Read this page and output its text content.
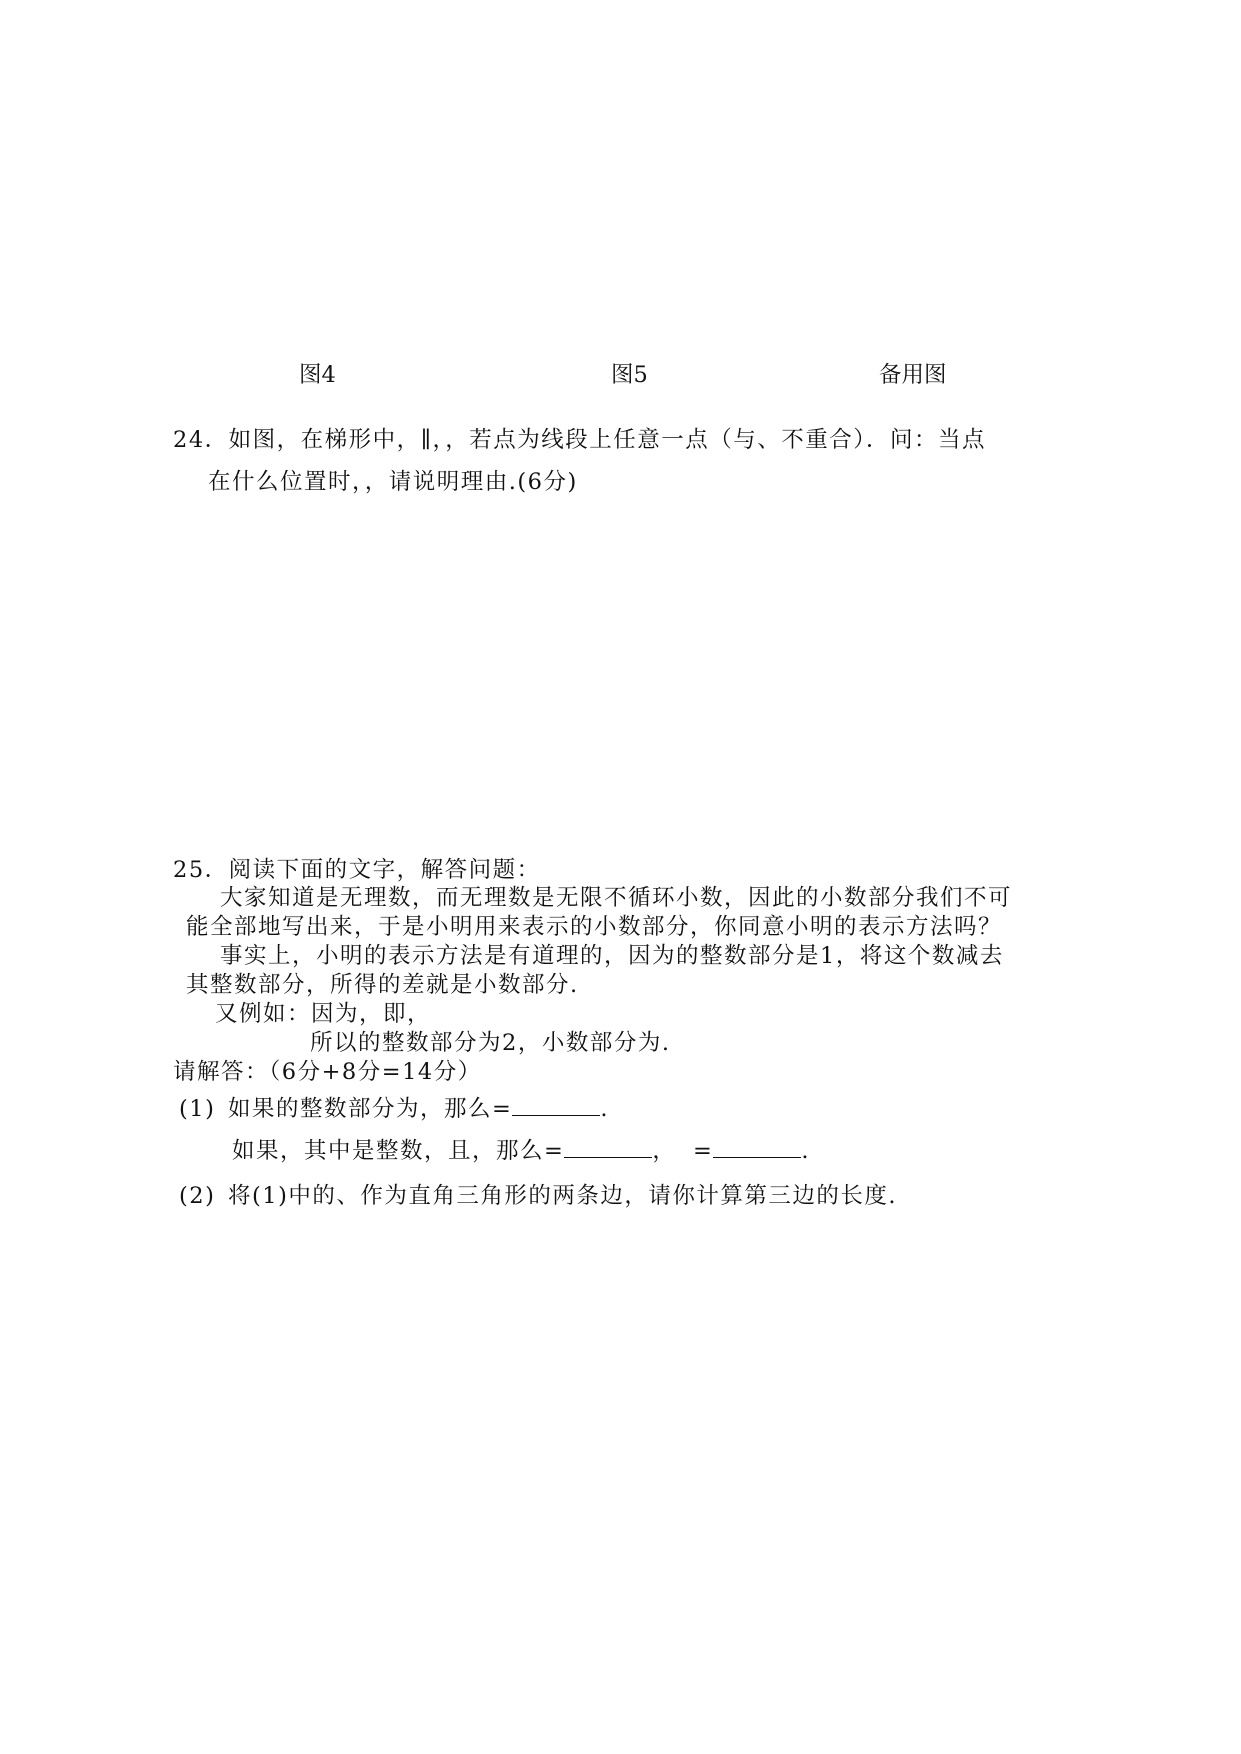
图4	图5	备用图
24．如图，在梯形中，∥，，若点为线段上任意一点（与、不重合）．问：当点
在什么位置时，，请说明理由.(6分)
25．阅读下面的文字，解答问题：
大家知道是无理数，而无理数是无限不循环小数，因此的小数部分我们不可
能全部地写出来，于是小明用来表示的小数部分，你同意小明的表示方法吗？
事实上，小明的表示方法是有道理的，因为的整数部分是1，将这个数减去
其整数部分，所得的差就是小数部分.
又例如：因为，即，
所以的整数部分为2，小数部分为.
请解答：（6分+8分=14分）
(1) 如果的整数部分为，那么=	.
如果，其中是整数，且，那么=	， =	.
(2) 将(1)中的、作为直角三角形的两条边，请你计算第三边的长度.
